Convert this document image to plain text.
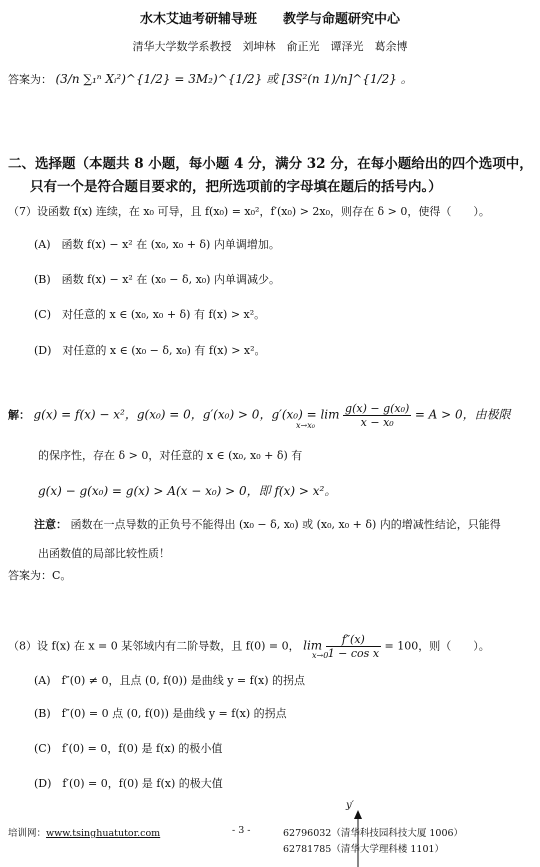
水木艾迪考研辅导班　　教学与命题研究中心
清华大学数学系教授　刘坤林　俞正光　谭泽光　葛余博
答案为： (3/n ∑₁ⁿ Xᵢ²)^{1/2} = 3M₂)^{1/2} 或 [3S²(n 1)/n]^{1/2} 。
二、选择题（本题共 8 小题，每小题 4 分，满分 32 分，在每小题给出的四个选项中，
只有一个是符合题目要求的，把所选项前的字母填在题后的括号内。）
（7）设函数 f(x) 连续，在 x₀ 可导，且 f(x₀) = x₀²，f′(x₀) > 2x₀，则存在 δ > 0，使得（　　）。
(A)　函数 f(x) − x² 在 (x₀, x₀ + δ) 内单调增加。
(B)　函数 f(x) − x² 在 (x₀ − δ, x₀) 内单调减少。
(C)　对任意的 x ∈ (x₀, x₀ + δ) 有 f(x) > x²。
(D)　对任意的 x ∈ (x₀ − δ, x₀) 有 f(x) > x²。
解： g(x) = f(x) − x²，g(x₀) = 0，g′(x₀) > 0，$g'(x_0) = \lim \frac{\text{g(x) − g(x₀)}}{\text{x − x₀}} = A > 0$，由极限
x→x₀
的保序性，存在 δ > 0，对任意的 x ∈ (x₀, x₀ + δ) 有
g(x) − g(x₀) = g(x) > A(x − x₀) > 0，即 f(x) > x²。
注意： 函数在一点导数的正负号不能得出 (x₀ − δ, x₀) 或 (x₀, x₀ + δ) 内的增减性结论，只能得
出函数值的局部比较性质！
答案为：C。
（8）设 f(x) 在 x = 0 某邻域内有二阶导数，且 f(0) = 0， $\lim \frac{f''(x)}{\text{1 − cos x}} = 100$，则（　　）。
x→0
(A)　f″(0) ≠ 0，且点 (0, f(0)) 是曲线 y = f(x) 的拐点
(B)　f″(0) = 0 点 (0, f(0)) 是曲线 y = f(x) 的拐点
(C)　f′(0) = 0，f(0) 是 f(x) 的极小值
(D)　f′(0) = 0，f(0) 是 f(x) 的极大值
y′
培训网：www.tsinghuatutor.com	- 3 -	62796032（清华科技园科技大厦 1006）
62781785（清华大学理科楼 1101）
